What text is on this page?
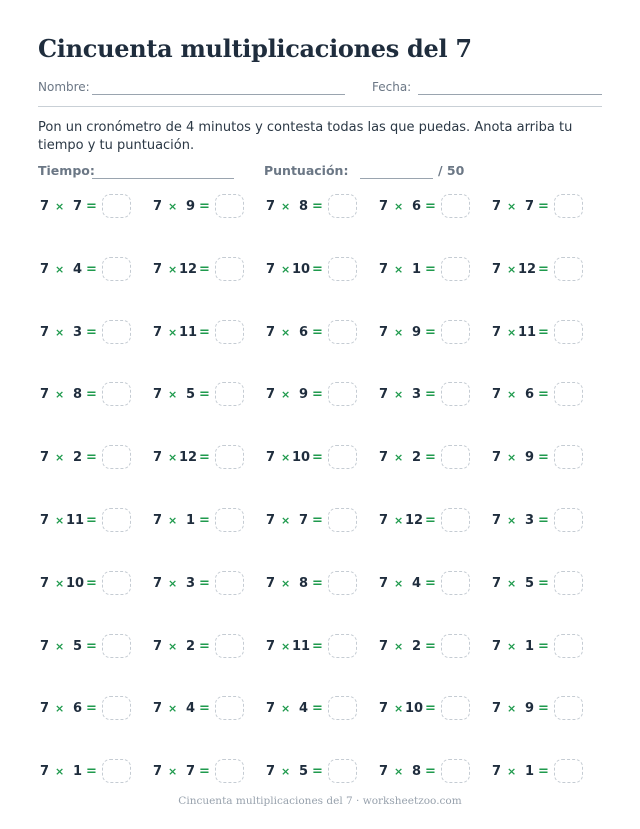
Cincuenta multiplicaciones del 7
Nombre:	Fecha:
Pon un cronómetro de 4 minutos y contesta todas las que puedas. Anota arriba tu tiempo y tu puntuación.
Tiempo:	Puntuación:	/ 50
7 × 7 =	7 × 9 =	7 × 8 =	7 × 6 =	7 × 7 =
7 × 4 =	7 × 12 =	7 × 10 =	7 × 1 =	7 × 12 =
7 × 3 =	7 × 11 =	7 × 6 =	7 × 9 =	7 × 11 =
7 × 8 =	7 × 5 =	7 × 9 =	7 × 3 =	7 × 6 =
7 × 2 =	7 × 12 =	7 × 10 =	7 × 2 =	7 × 9 =
7 × 11 =	7 × 1 =	7 × 7 =	7 × 12 =	7 × 3 =
7 × 10 =	7 × 3 =	7 × 8 =	7 × 4 =	7 × 5 =
7 × 5 =	7 × 2 =	7 × 11 =	7 × 2 =	7 × 1 =
7 × 6 =	7 × 4 =	7 × 4 =	7 × 10 =	7 × 9 =
7 × 1 =	7 × 7 =	7 × 5 =	7 × 8 =	7 × 1 =
Cincuenta multiplicaciones del 7 · worksheetzoo.com
